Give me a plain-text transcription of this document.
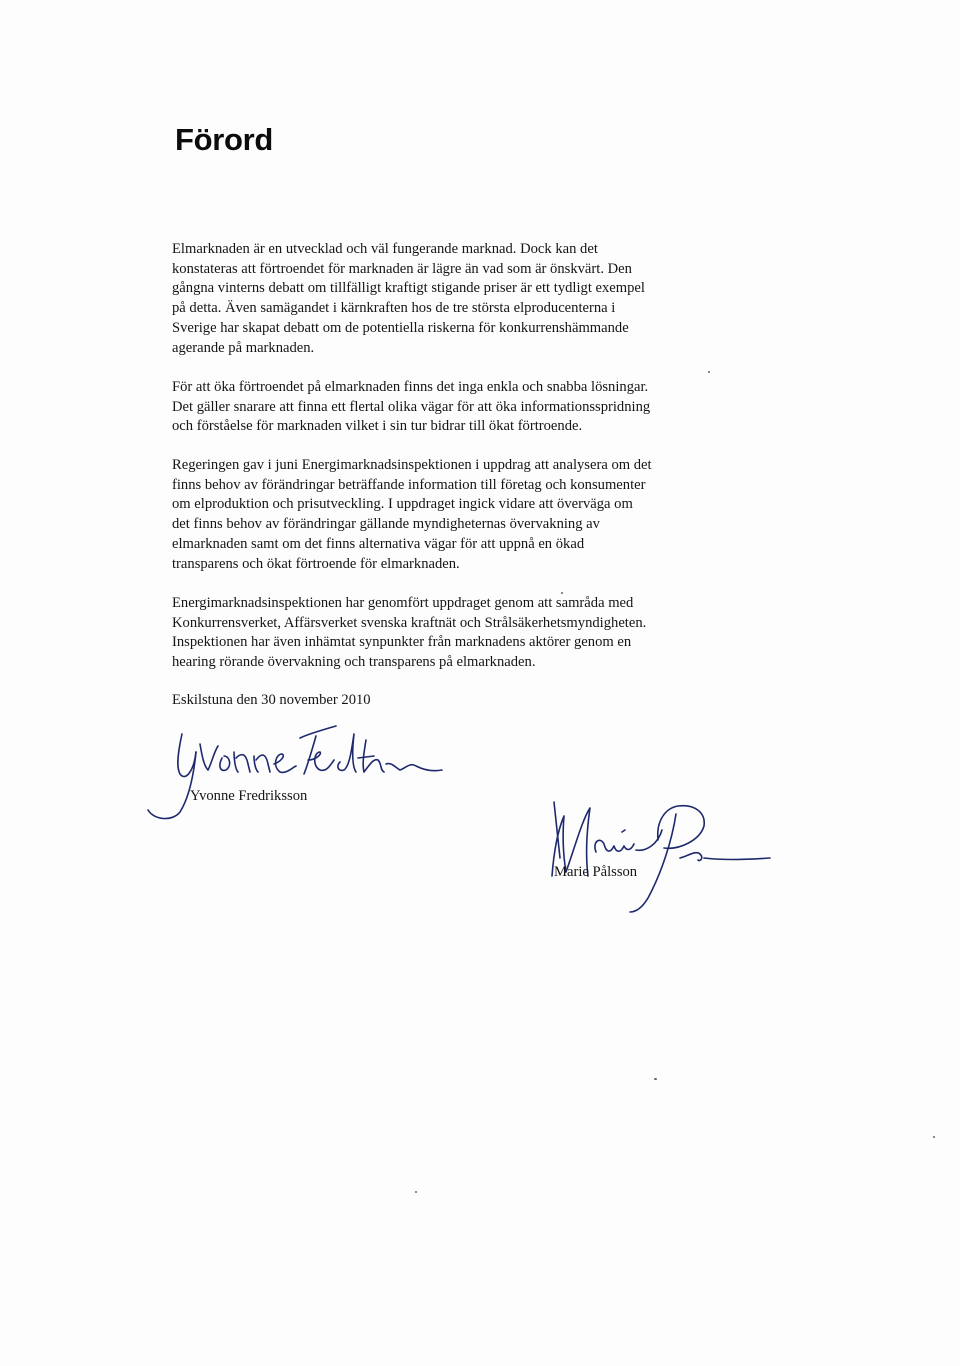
Förord

Elmarknaden är en utvecklad och väl fungerande marknad. Dock kan det
konstateras att förtroendet för marknaden är lägre än vad som är önskvärt. Den
gångna vinterns debatt om tillfälligt kraftigt stigande priser är ett tydligt exempel
på detta. Även samägandet i kärnkraften hos de tre största elproducenterna i
Sverige har skapat debatt om de potentiella riskerna för konkurrenshämmande
agerande på marknaden.

För att öka förtroendet på elmarknaden finns det inga enkla och snabba lösningar.
Det gäller snarare att finna ett flertal olika vägar för att öka informationsspridning
och förståelse för marknaden vilket i sin tur bidrar till ökat förtroende.

Regeringen gav i juni Energimarknadsinspektionen i uppdrag att analysera om det
finns behov av förändringar beträffande information till företag och konsumenter
om elproduktion och prisutveckling. I uppdraget ingick vidare att överväga om
det finns behov av förändringar gällande myndigheternas övervakning av
elmarknaden samt om det finns alternativa vägar för att uppnå en ökad
transparens och ökat förtroende för elmarknaden.

Energimarknadsinspektionen har genomfört uppdraget genom att samråda med
Konkurrensverket, Affärsverket svenska kraftnät och Strålsäkerhetsmyndigheten.
Inspektionen har även inhämtat synpunkter från marknadens aktörer genom en
hearing rörande övervakning och transparens på elmarknaden.

Eskilstuna den 30 november 2010

Yvonne Fredriksson

Marie Pålsson
